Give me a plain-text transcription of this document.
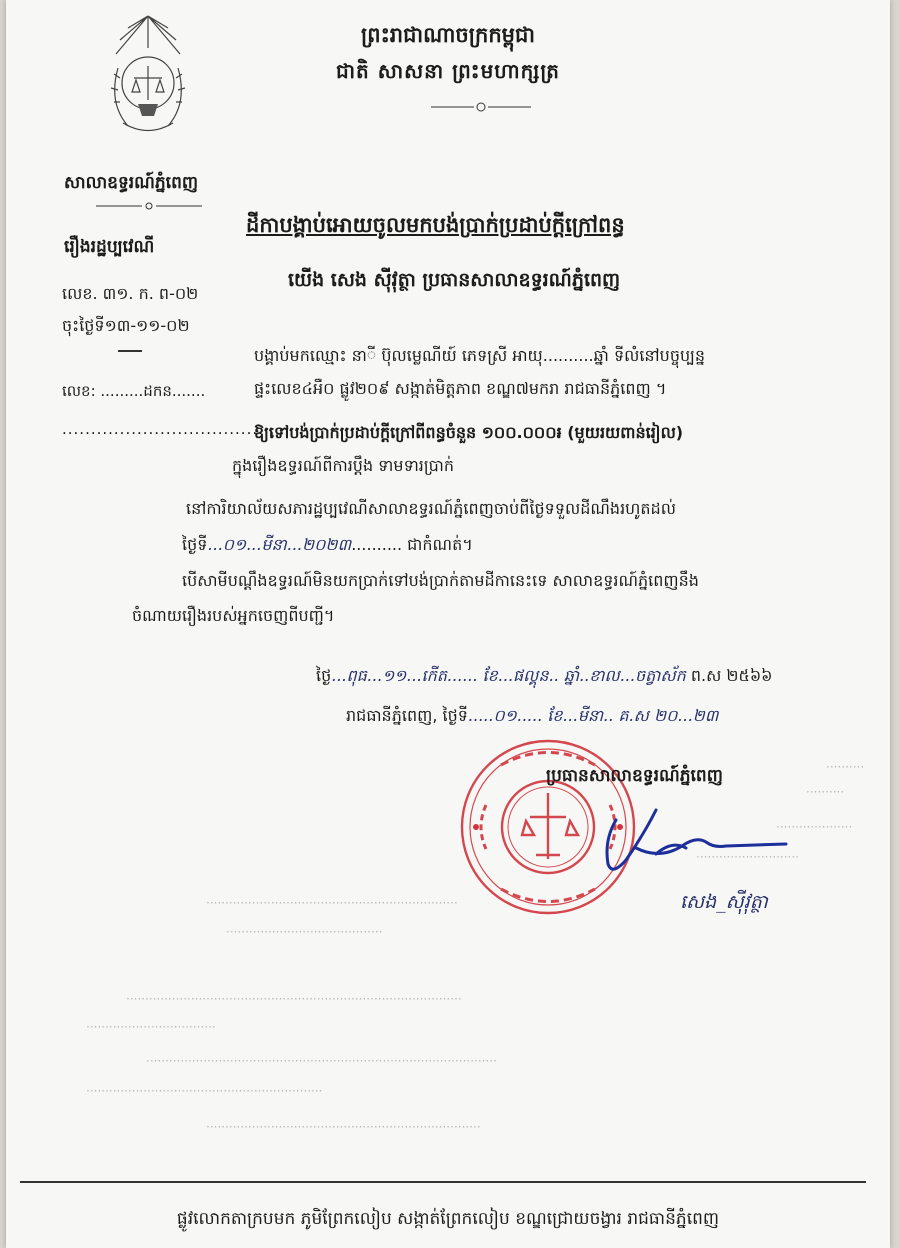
ព្រះរាជាណាចក្រកម្ពុជា
ជាតិ សាសនា ព្រះមហាក្សត្រ
សាលាឧទ្ធរណ៍ភ្នំពេញ
ដីកាបង្គាប់អោយចូលមកបង់ប្រាក់ប្រដាប់ក្តីក្រៅពន្ធ
រឿងរដ្ឋប្បវេណី
យើង សេង ស៊ីវុត្ថា ប្រធានសាលាឧទ្ធរណ៍ភ្នំពេញ
លេខ. ៣១. ក. ព-០២
ចុះថ្ងៃទី១៣-១១-០២
លេខ: .........ដកន.......
.....................................
បង្គាប់មកឈ្មោះ នាី ប៊ុលម្លេណីយ៍ ភេទស្រី អាយុ..........ឆ្នាំ ទីលំនៅបច្ចុប្បន្ន
ផ្ទះលេខ៤អឺ០ ផ្លូវ២០៩ សង្កាត់មិត្តភាព ខណ្ឌ៧មករា រាជធានីភ្នំពេញ ។
ឱ្យទៅបង់ប្រាក់ប្រដាប់ក្តីក្រៅពីពន្ធចំនួន ១០០.០០០៛ (មួយរយពាន់រៀល)
ក្នុងរឿងឧទ្ធរណ៍ពីការប្តឹង ទាមទារប្រាក់
នៅការិយាល័យសភារដ្ឋប្បវេណីសាលាឧទ្ធរណ៍ភ្នំពេញចាប់ពីថ្ងៃទទួលដីណឹងរហូតដល់
ថ្ងៃទី...០១...មីនា...២០២៣.......... ជាកំណត់។
បើសាមីបណ្តឹងឧទ្ធរណ៍មិនយកប្រាក់ទៅបង់ប្រាក់តាមដីកានេះទេ សាលាឧទ្ធរណ៍ភ្នំពេញនឹង
ចំណាយរឿងរបស់អ្នកចេញពីបញ្ជី។
··········
··········
····················
···························
··································································
·········································
························································································
··································
····························································································
······························································
········································································
ថ្ងៃ...ពុធ...១១...កើត...... ខែ...ផល្គុន.. ឆ្នាំ..ខាល...ចត្វាស័ក ព.ស ២៥៦៦
រាជធានីភ្នំពេញ, ថ្ងៃទី.....០១..... ខែ...មីនា.. គ.ស ២០...២៣
ប្រធានសាលាឧទ្ធរណ៍ភ្នំពេញ
សេង_ស៊ីវុត្ថា
ផ្លូវលោកតាក្របមក ភូមិព្រែកលៀប សង្កាត់ព្រែកលៀប ខណ្ឌជ្រោយចង្វារ រាជធានីភ្នំពេញ
